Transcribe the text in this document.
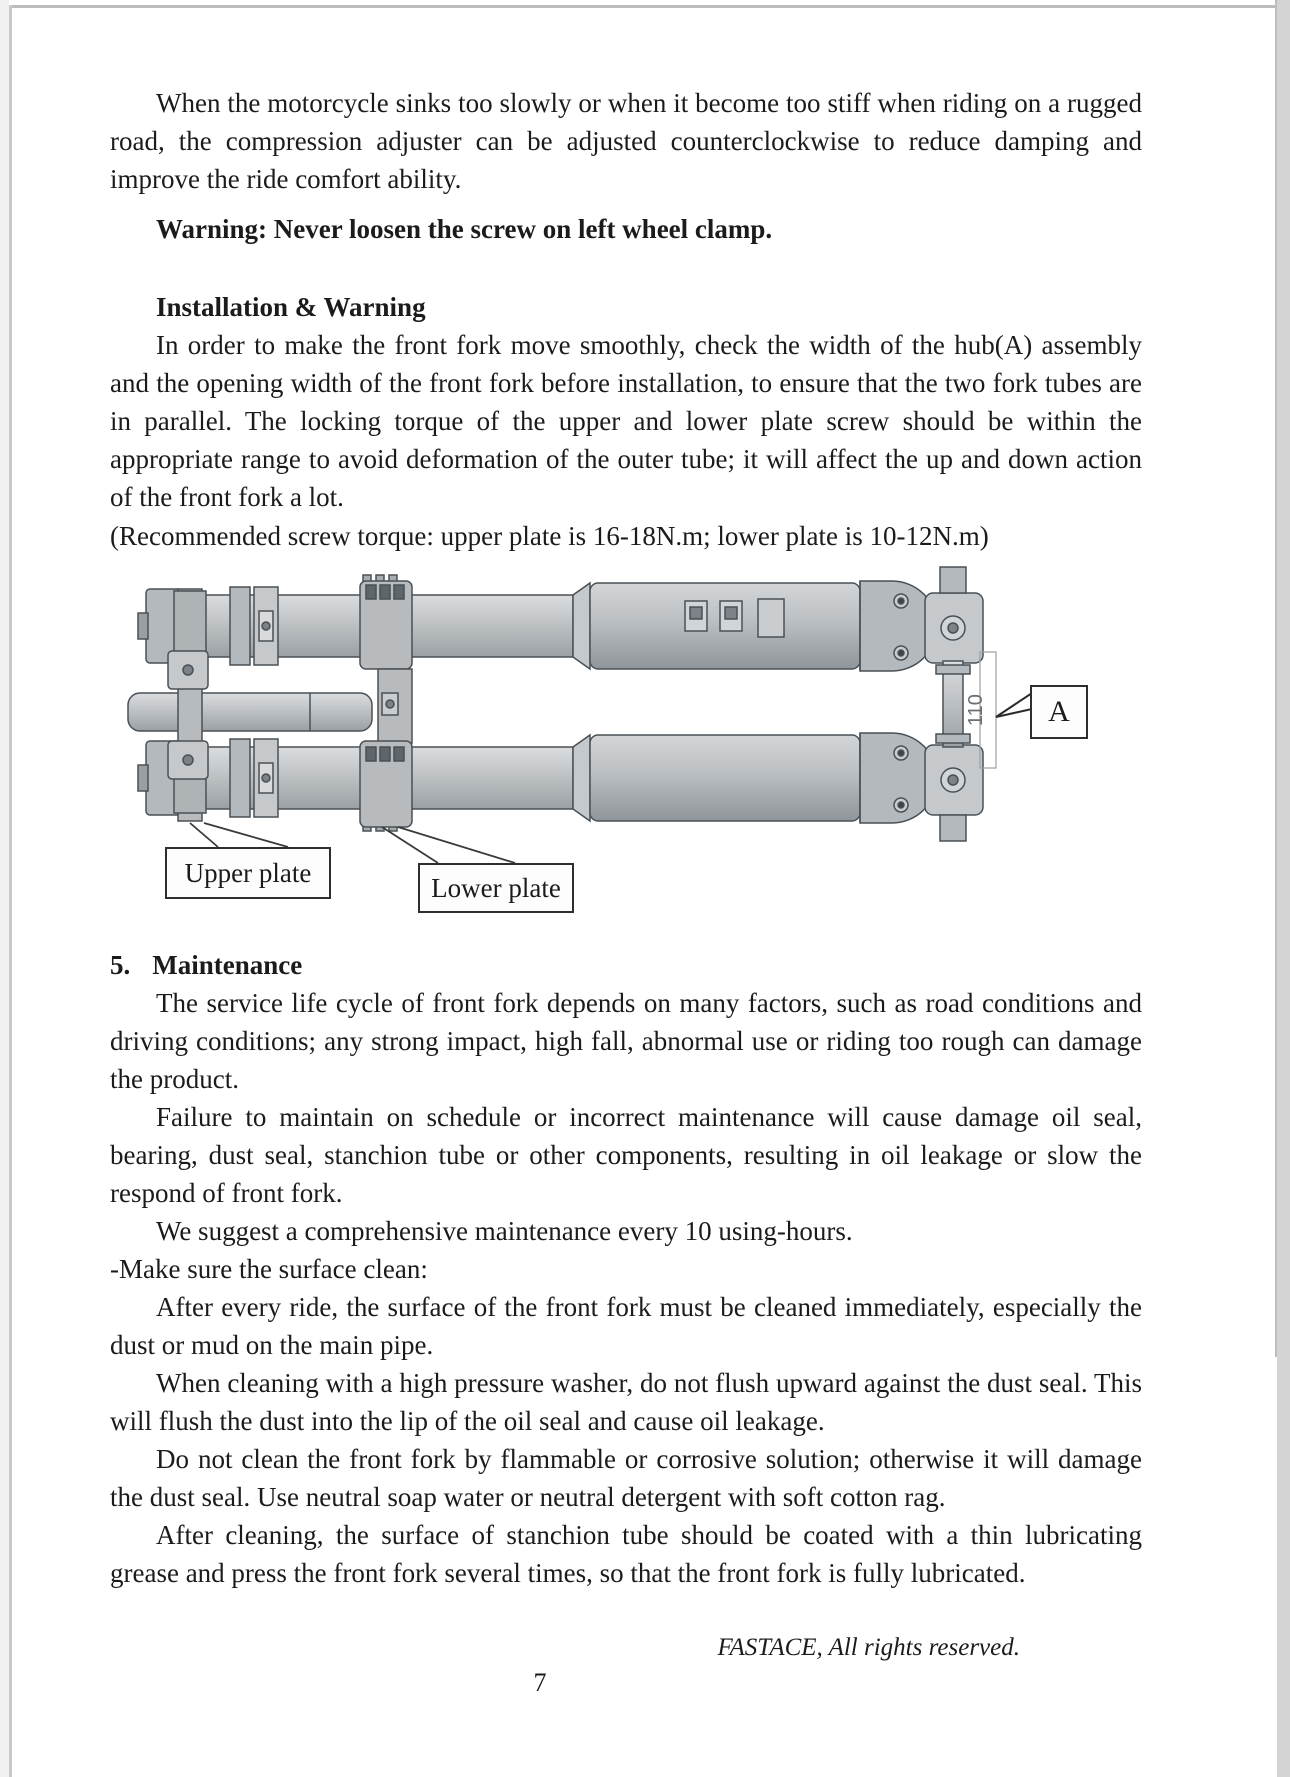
When the motorcycle sinks too slowly or when it become too stiff when riding on a rugged road, the compression adjuster can be adjusted counterclockwise to reduce damping and improve the ride comfort ability.
Warning: Never loosen the screw on left wheel clamp.
Installation & Warning
In order to make the front fork move smoothly, check the width of the hub(A) assembly and the opening width of the front fork before installation, to ensure that the two fork tubes are in parallel. The locking torque of the upper and lower plate screw should be within the appropriate range to avoid deformation of the outer tube; it will affect the up and down action of the front fork a lot.
(Recommended screw torque: upper plate is 16-18N.m; lower plate is 10-12N.m)
110
Upper plate	Lower plate
A
5. Maintenance
The service life cycle of front fork depends on many factors, such as road conditions and driving conditions; any strong impact, high fall, abnormal use or riding too rough can damage the product.
Failure to maintain on schedule or incorrect maintenance will cause damage oil seal, bearing, dust seal, stanchion tube or other components, resulting in oil leakage or slow the respond of front fork.
We suggest a comprehensive maintenance every 10 using-hours.
-Make sure the surface clean:
After every ride, the surface of the front fork must be cleaned immediately, especially the dust or mud on the main pipe.
When cleaning with a high pressure washer, do not flush upward against the dust seal. This will flush the dust into the lip of the oil seal and cause oil leakage.
Do not clean the front fork by flammable or corrosive solution; otherwise it will damage the dust seal. Use neutral soap water or neutral detergent with soft cotton rag.
After cleaning, the surface of stanchion tube should be coated with a thin lubricating grease and press the front fork several times, so that the front fork is fully lubricated.
FASTACE, All rights reserved.
7
